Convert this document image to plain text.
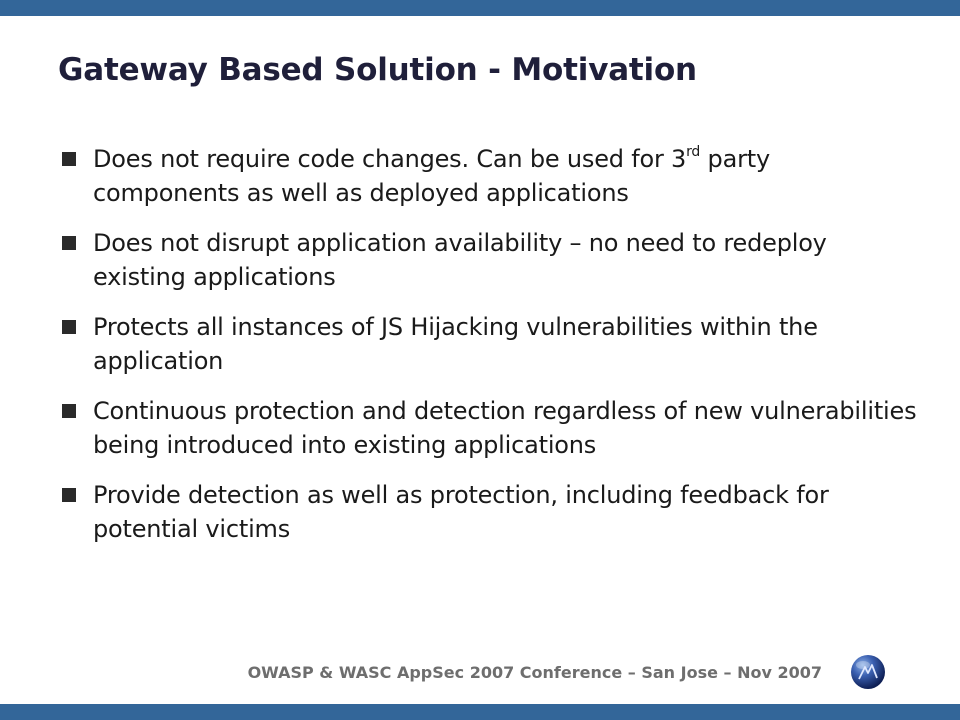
Gateway Based Solution - Motivation
Does not require code changes. Can be used for 3rd party components as well as deployed applications
Does not disrupt application availability – no need to redeploy existing applications
Protects all instances of JS Hijacking vulnerabilities within the application
Continuous protection and detection regardless of new vulnerabilities being introduced into existing applications
Provide detection as well as protection, including feedback for potential victims
OWASP & WASC AppSec 2007 Conference – San Jose – Nov 2007
